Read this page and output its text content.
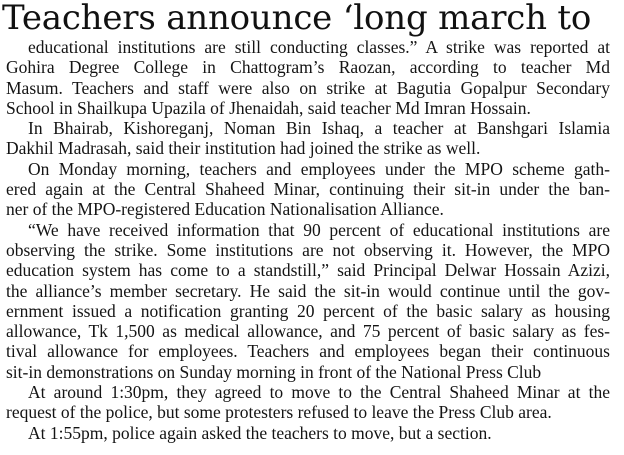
Teachers announce ‘long march to
educational institutions are still conducting classes.” A strike was reported at
Gohira Degree College in Chattogram’s Raozan, according to teacher Md
Masum. Teachers and staff were also on strike at Bagutia Gopalpur Secondary
School in Shailkupa Upazila of Jhenaidah, said teacher Md Imran Hossain.
In Bhairab, Kishoreganj, Noman Bin Ishaq, a teacher at Banshgari Islamia
Dakhil Madrasah, said their institution had joined the strike as well.
On Monday morning, teachers and employees under the MPO scheme gath-
ered again at the Central Shaheed Minar, continuing their sit-in under the ban-
ner of the MPO-registered Education Nationalisation Alliance.
“We have received information that 90 percent of educational institutions are
observing the strike. Some institutions are not observing it. However, the MPO
education system has come to a standstill,” said Principal Delwar Hossain Azizi,
the alliance’s member secretary. He said the sit-in would continue until the gov-
ernment issued a notification granting 20 percent of the basic salary as housing
allowance, Tk 1,500 as medical allowance, and 75 percent of basic salary as fes-
tival allowance for employees. Teachers and employees began their continuous
sit-in demonstrations on Sunday morning in front of the National Press Club
At around 1:30pm, they agreed to move to the Central Shaheed Minar at the
request of the police, but some protesters refused to leave the Press Club area.
At 1:55pm, police again asked the teachers to move, but a section.
